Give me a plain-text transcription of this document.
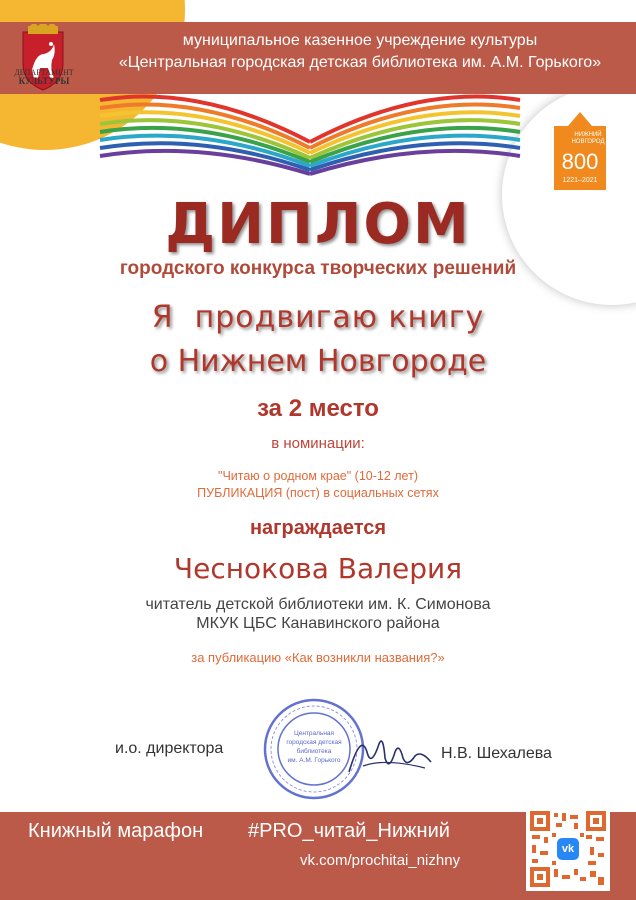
муниципальное казенное учреждение культуры
«Центральная городская детская библиотека им. А.М. Горького»
ДЕПАРТАМЕНТ
КУЛЬТУРЫ
НИЖНИЙ
НОВГОРОД
800
1221–2021
ДИПЛОМ
городского конкурса творческих решений
Я  продвигаю книгу
о Нижнем Новгороде
за 2 место
в номинации:
"Читаю о родном крае" (10-12 лет)
ПУБЛИКАЦИЯ (пост) в социальных сетях
награждается
Чеснокова Валерия
читатель детской библиотеки им. К. Симонова
МКУК ЦБС Канавинского района
за публикацию «Как возникли названия?»
Центральная
городская детская
библиотека
им. А.М. Горького
и.о. директора	Н.В. Шехалева
Книжный марафон #PRO_читай_Нижний
vk.com/prochitai_nizhny
vk
